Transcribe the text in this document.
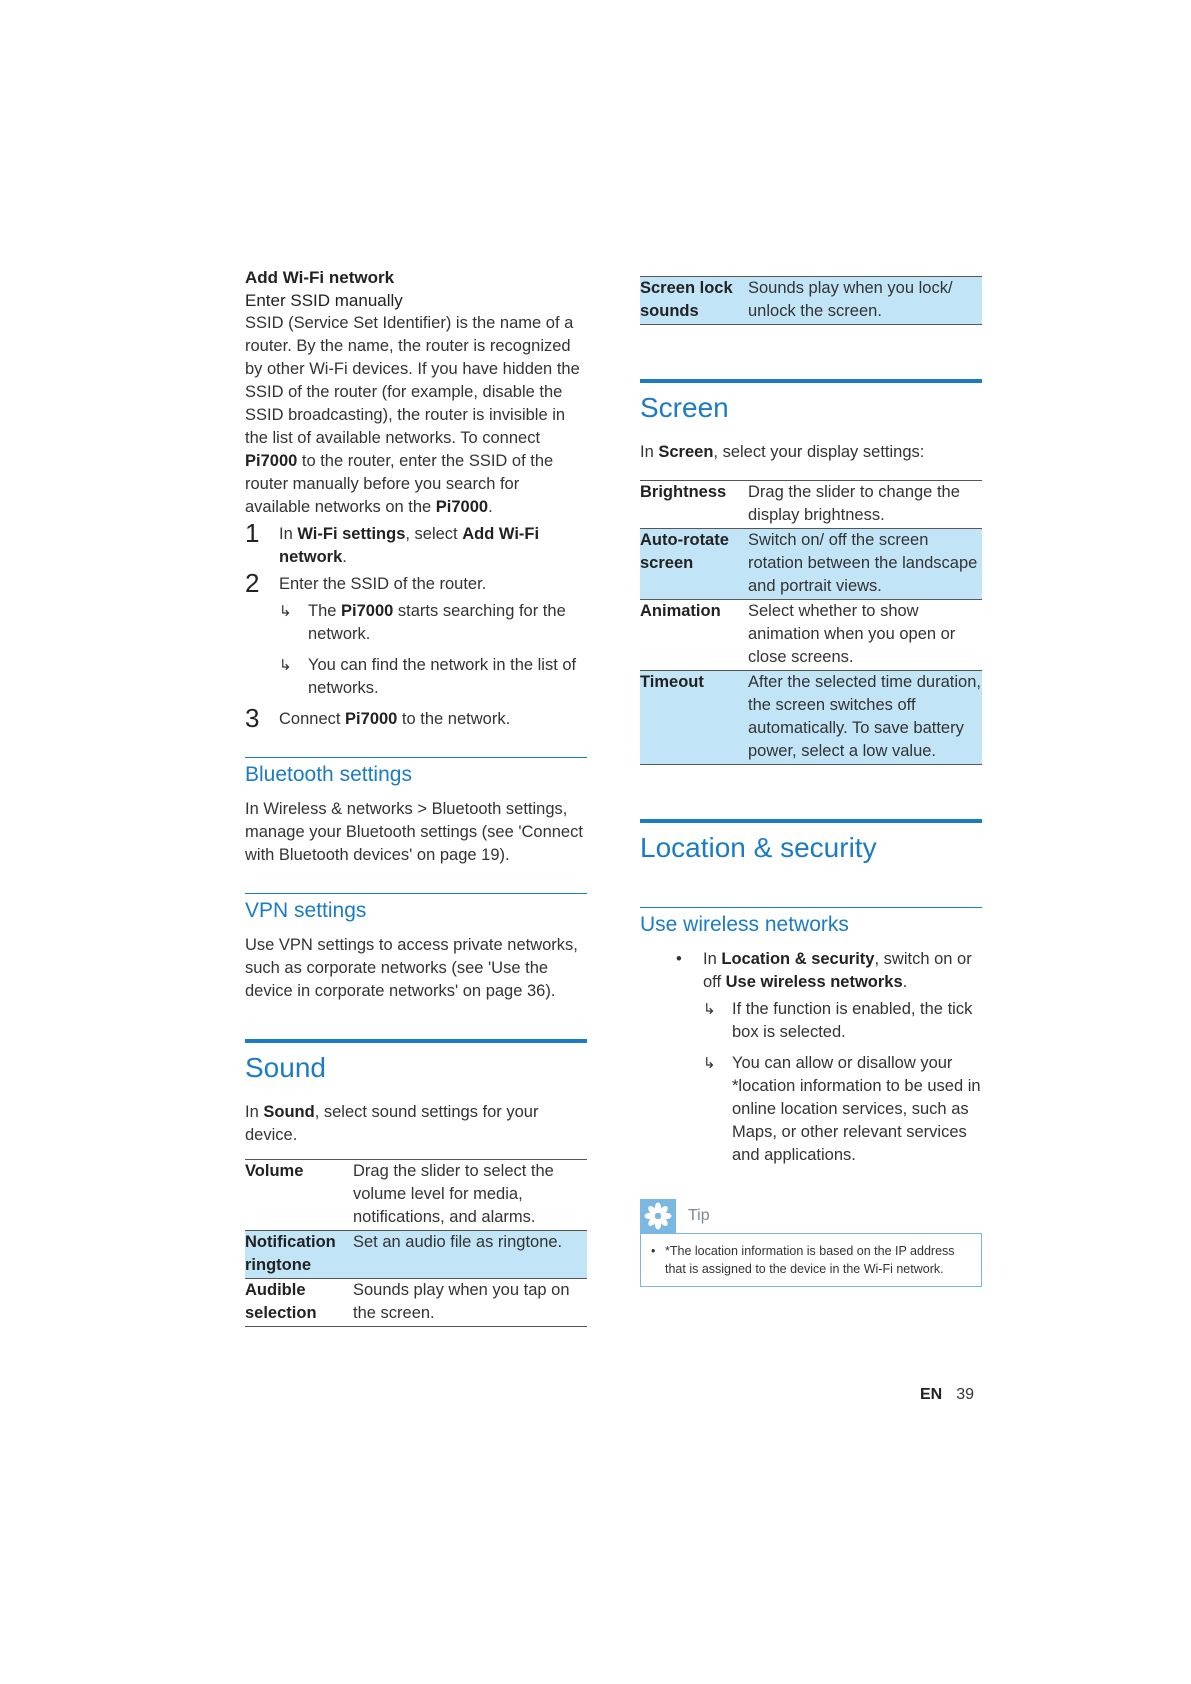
Add Wi-Fi network

Enter SSID manually

SSID (Service Set Identifier) is the name of a router. By the name, the router is recognized by other Wi-Fi devices. If you have hidden the SSID of the router (for example, disable the SSID broadcasting), the router is invisible in the list of available networks. To connect Pi7000 to the router, enter the SSID of the router manually before you search for available networks on the Pi7000.

1 In Wi-Fi settings, select Add Wi-Fi network.
2 Enter the SSID of the router.
↳ The Pi7000 starts searching for the network.
↳ You can find the network in the list of networks.
3 Connect Pi7000 to the network.
Bluetooth settings

In Wireless & networks > Bluetooth settings, manage your Bluetooth settings (see 'Connect with Bluetooth devices' on page 19).

VPN settings

Use VPN settings to access private networks, such as corporate networks (see 'Use the device in corporate networks' on page 36).

Sound

In Sound, select sound settings for your device.

Volume	Drag the slider to select the volume level for media, notifications, and alarms.
Notification ringtone	Set an audio file as ringtone.
Audible selection	Sounds play when you tap on the screen.
Screen lock sounds	Sounds play when you lock/ unlock the screen.
Screen

In Screen, select your display settings:

Brightness	Drag the slider to change the display brightness.
Auto-rotate screen	Switch on/ off the screen rotation between the landscape and portrait views.
Animation	Select whether to show animation when you open or close screens.
Timeout	After the selected time duration, the screen switches off automatically. To save battery power, select a low value.
Location & security
Use wireless networks
• In Location & security, switch on or off Use wireless networks.
↳ If the function is enabled, the tick box is selected.
↳ You can allow or disallow your *location information to be used in online location services, such as Maps, or other relevant services and applications.
Tip
• *The location information is based on the IP address that is assigned to the device in the Wi-Fi network.
EN 39
